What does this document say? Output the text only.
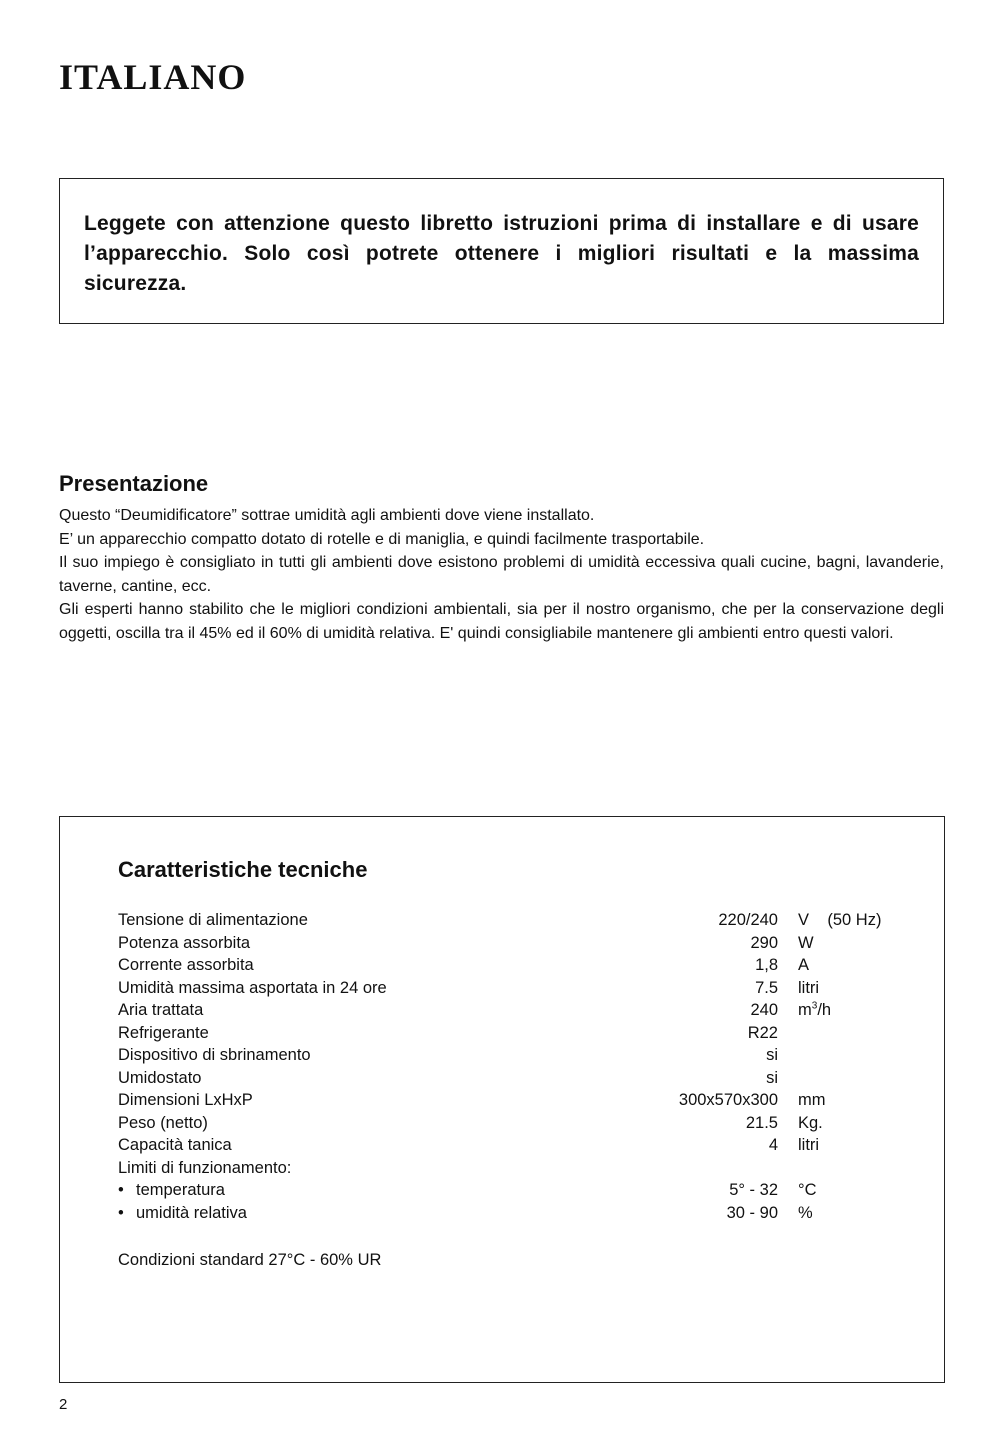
ITALIANO

Leggete con attenzione questo libretto istruzioni prima di installare e di usare l’apparecchio. Solo così potrete ottenere i migliori risultati e la massima sicurezza.

Presentazione

Questo “Deumidificatore” sottrae umidità agli ambienti dove viene installato.

E’ un apparecchio compatto dotato di rotelle e di maniglia, e quindi facilmente trasportabile.

Il suo impiego è consigliato in tutti gli ambienti dove esistono problemi di umidità eccessiva quali cucine, bagni, lavanderie, taverne, cantine, ecc.

Gli esperti hanno stabilito che le migliori condizioni ambientali, sia per il nostro organismo, che per la conservazione degli oggetti, oscilla tra il 45% ed il 60% di umidità relativa. E' quindi consigliabile mantenere gli ambienti entro questi valori.

Caratteristiche tecniche
Tensione di alimentazione	220/240 V    (50 Hz)
Potenza assorbita	290 W
Corrente assorbita	1,8 A
Umidità massima asportata in 24 ore	7.5 litri
Aria trattata	240 $m^3/h$
Refrigerante	R22
Dispositivo di sbrinamento	si
Umidostato	si
Dimensioni LxHxP	300x570x300 mm
Peso (netto)	21.5 Kg.
Capacità tanica	4 litri
Limiti di funzionamento:
• temperatura	5° - 32 °C
• umidità relativa	30 - 90 %

Condizioni standard 27°C - 60% UR

2
